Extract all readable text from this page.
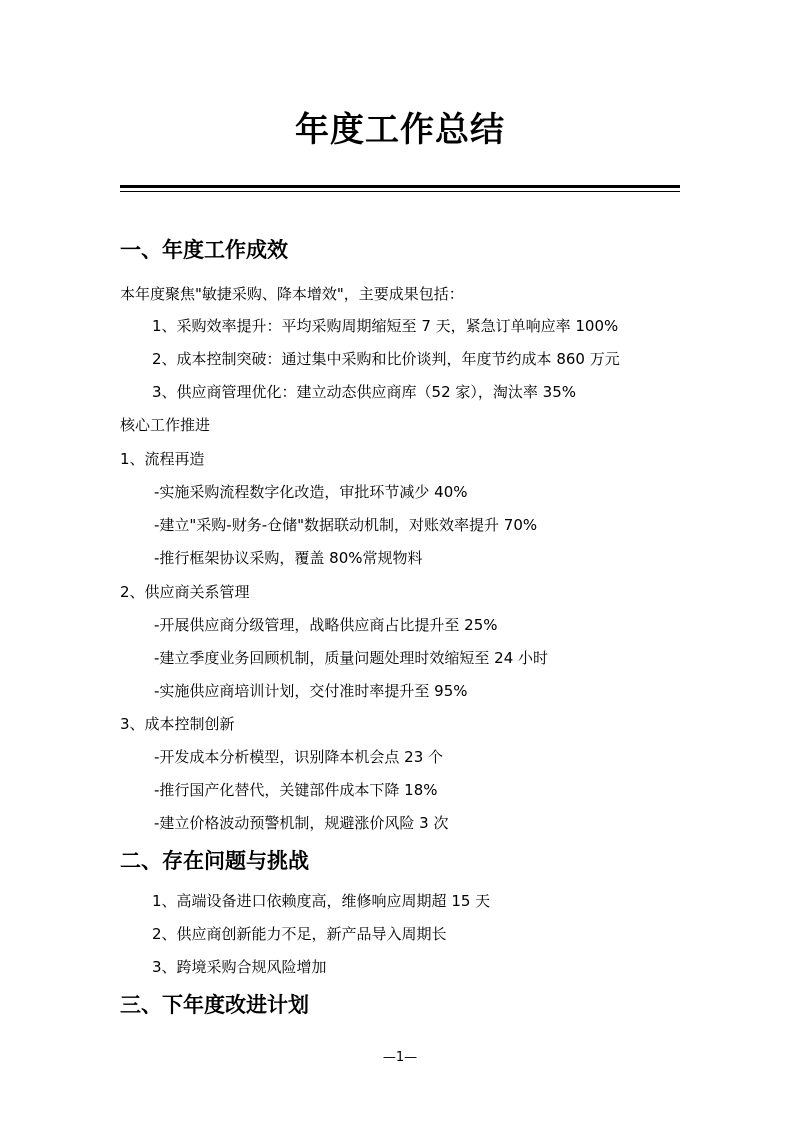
年度工作总结
一、年度工作成效
本年度聚焦"敏捷采购、降本增效"，主要成果包括：
1、采购效率提升：平均采购周期缩短至 7 天，紧急订单响应率 100%
2、成本控制突破：通过集中采购和比价谈判，年度节约成本 860 万元
3、供应商管理优化：建立动态供应商库（52 家），淘汰率 35%
核心工作推进
1、流程再造
-实施采购流程数字化改造，审批环节减少 40%
-建立"采购-财务-仓储"数据联动机制，对账效率提升 70%
-推行框架协议采购，覆盖 80%常规物料
2、供应商关系管理
-开展供应商分级管理，战略供应商占比提升至 25%
-建立季度业务回顾机制，质量问题处理时效缩短至 24 小时
-实施供应商培训计划，交付准时率提升至 95%
3、成本控制创新
-开发成本分析模型，识别降本机会点 23 个
-推行国产化替代，关键部件成本下降 18%
-建立价格波动预警机制，规避涨价风险 3 次
二、存在问题与挑战
1、高端设备进口依赖度高，维修响应周期超 15 天
2、供应商创新能力不足，新产品导入周期长
3、跨境采购合规风险增加
三、下年度改进计划
—1—
